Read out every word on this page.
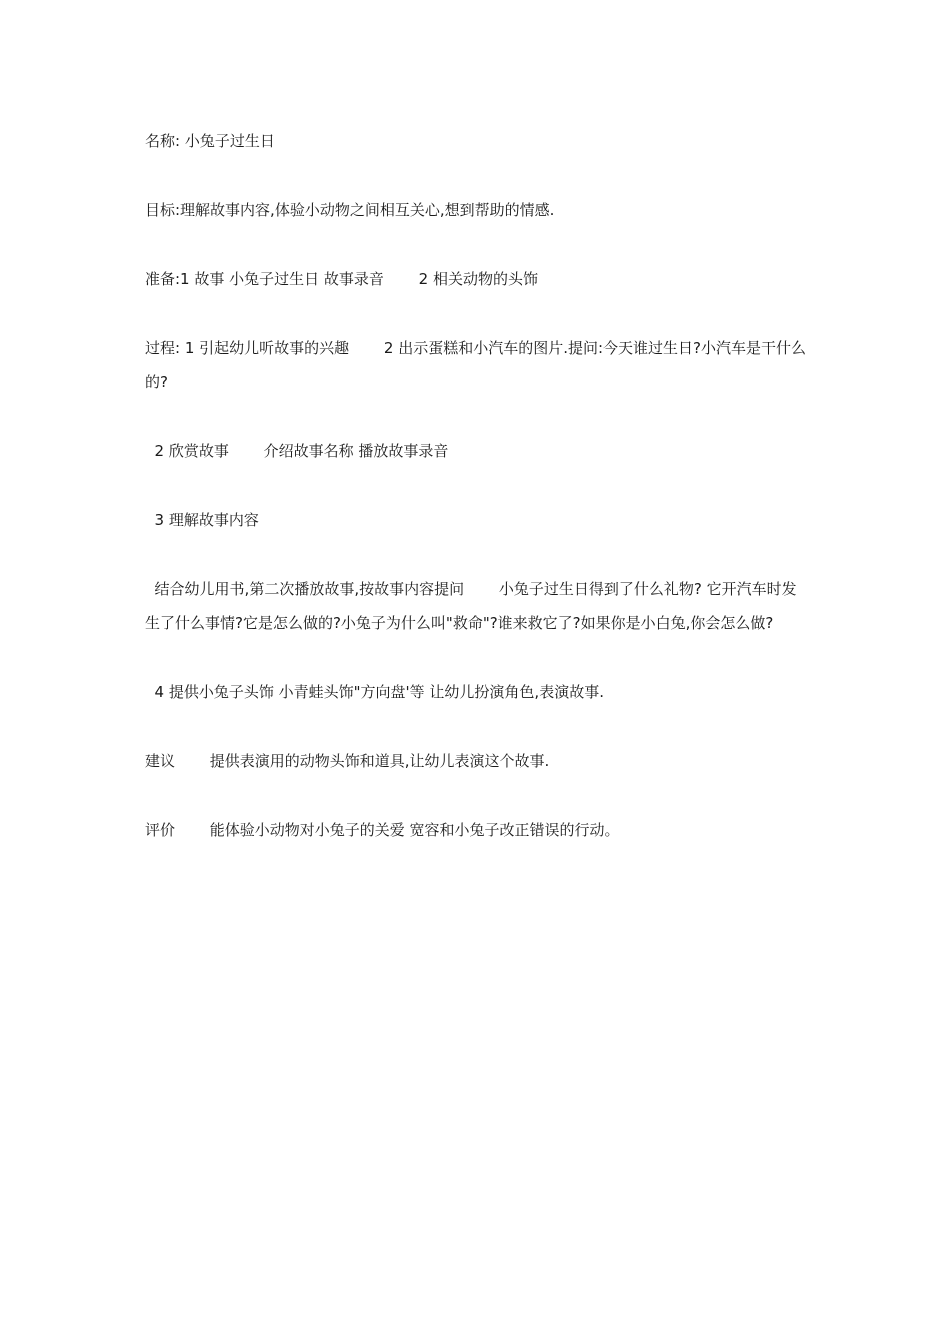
名称: 小兔子过生日

目标:理解故事内容,体验小动物之间相互关心,想到帮助的情感.

准备:1 故事 小兔子过生日 故事录音　　 2 相关动物的头饰

过程: 1 引起幼儿听故事的兴趣　　 2 出示蛋糕和小汽车的图片.提问:今天谁过生日?小汽车是干什么的?

2 欣赏故事　　 介绍故事名称 播放故事录音

3 理解故事内容

结合幼儿用书,第二次播放故事,按故事内容提问　　 小兔子过生日得到了什么礼物? 它开汽车时发生了什么事情?它是怎么做的?小兔子为什么叫"救命"?谁来救它了?如果你是小白兔,你会怎么做?

4 提供小兔子头饰 小青蛙头饰"方向盘'等 让幼儿扮演角色,表演故事.

建议　　 提供表演用的动物头饰和道具,让幼儿表演这个故事.

评价　　 能体验小动物对小兔子的关爱 宽容和小兔子改正错误的行动。
